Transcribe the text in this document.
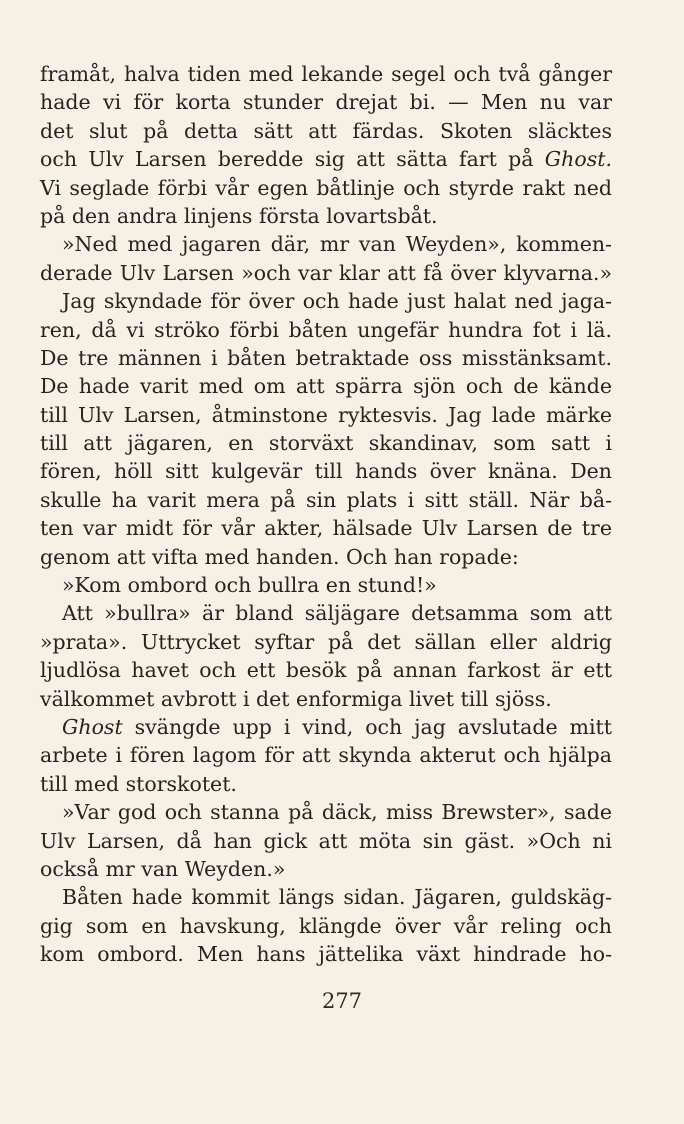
framåt, halva tiden med lekande segel och två gånger
hade vi för korta stunder drejat bi. — Men nu var
det slut på detta sätt att färdas. Skoten släcktes
och Ulv Larsen beredde sig att sätta fart på Ghost.
Vi seglade förbi vår egen båtlinje och styrde rakt ned
på den andra linjens första lovartsbåt.
»Ned med jagaren där, mr van Weyden», kommen-
derade Ulv Larsen »och var klar att få över klyvarna.»
Jag skyndade för över och hade just halat ned jaga-
ren, då vi ströko förbi båten ungefär hundra fot i lä.
De tre männen i båten betraktade oss misstänksamt.
De hade varit med om att spärra sjön och de kände
till Ulv Larsen, åtminstone ryktesvis. Jag lade märke
till att jägaren, en storväxt skandinav, som satt i
fören, höll sitt kulgevär till hands över knäna. Den
skulle ha varit mera på sin plats i sitt ställ. När bå-
ten var midt för vår akter, hälsade Ulv Larsen de tre
genom att vifta med handen. Och han ropade:
»Kom ombord och bullra en stund!»
Att »bullra» är bland säljägare detsamma som att
»prata». Uttrycket syftar på det sällan eller aldrig
ljudlösa havet och ett besök på annan farkost är ett
välkommet avbrott i det enformiga livet till sjöss.
Ghost svängde upp i vind, och jag avslutade mitt
arbete i fören lagom för att skynda akterut och hjälpa
till med storskotet.
»Var god och stanna på däck, miss Brewster», sade
Ulv Larsen, då han gick att möta sin gäst. »Och ni
också mr van Weyden.»
Båten hade kommit längs sidan. Jägaren, guldskäg-
gig som en havskung, klängde över vår reling och
kom ombord. Men hans jättelika växt hindrade ho-
277
